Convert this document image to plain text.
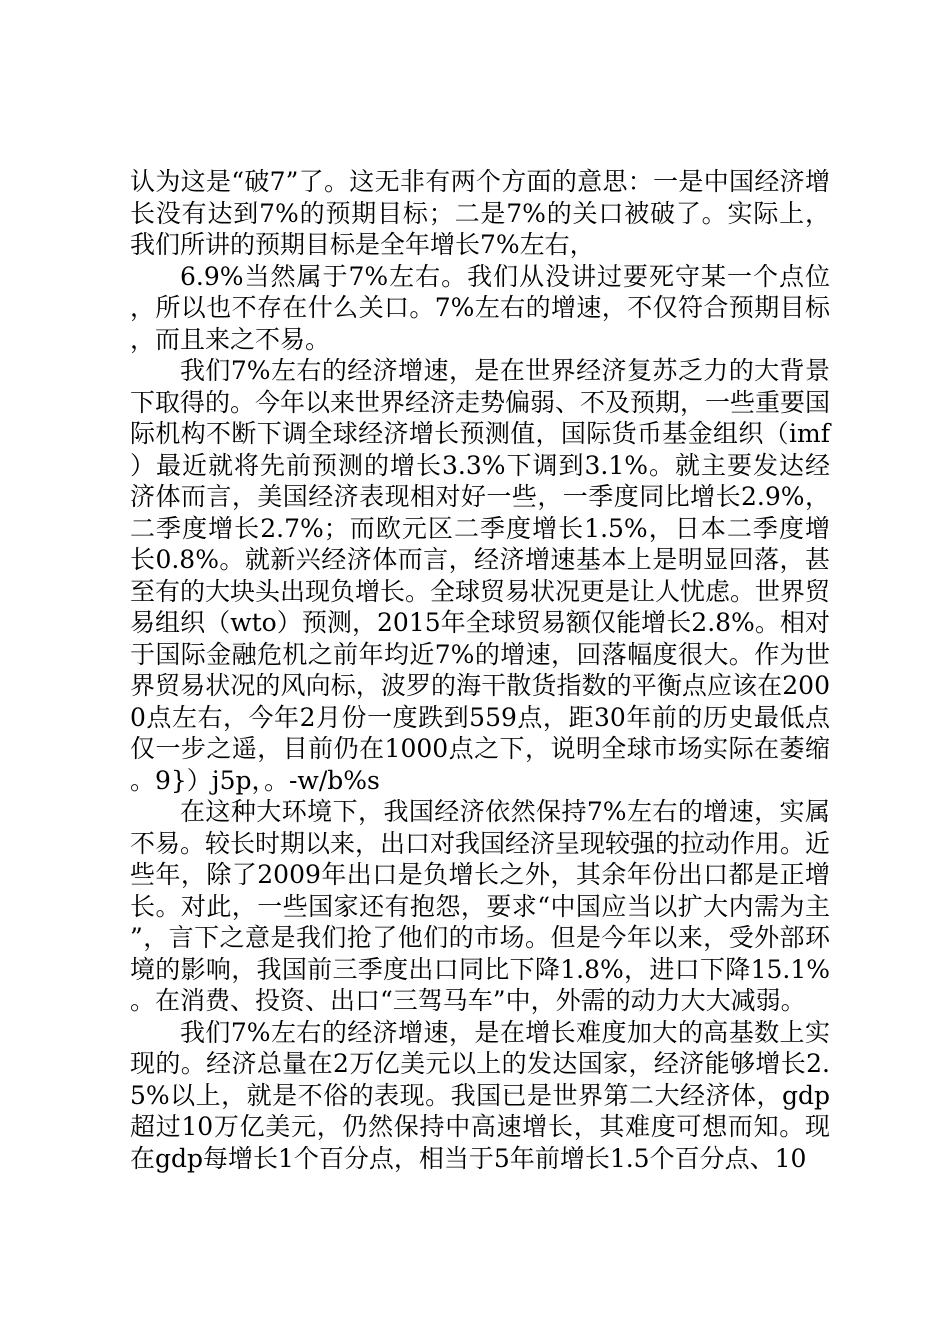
认为这是“破7”了。这无非有两个方面的意思：一是中国经济增长没有达到7%的预期目标；二是7%的关口被破了。实际上，我们所讲的预期目标是全年增长7%左右，

6.9%当然属于7%左右。我们从没讲过要死守某一个点位，所以也不存在什么关口。7%左右的增速，不仅符合预期目标，而且来之不易。

我们7%左右的经济增速，是在世界经济复苏乏力的大背景下取得的。今年以来世界经济走势偏弱、不及预期，一些重要国际机构不断下调全球经济增长预测值，国际货币基金组织（imf）最近就将先前预测的增长3.3%下调到3.1%。就主要发达经济体而言，美国经济表现相对好一些，一季度同比增长2.9%，二季度增长2.7%；而欧元区二季度增长1.5%，日本二季度增长0.8%。就新兴经济体而言，经济增速基本上是明显回落，甚至有的大块头出现负增长。全球贸易状况更是让人忧虑。世界贸易组织（wto）预测，2015年全球贸易额仅能增长2.8%。相对于国际金融危机之前年均近7%的增速，回落幅度很大。作为世界贸易状况的风向标，波罗的海干散货指数的平衡点应该在2000点左右，今年2月份一度跌到559点，距30年前的历史最低点仅一步之遥，目前仍在1000点之下，说明全球市场实际在萎缩。9}）j5p，。-w/b%s

在这种大环境下，我国经济依然保持7%左右的增速，实属不易。较长时期以来，出口对我国经济呈现较强的拉动作用。近些年，除了2009年出口是负增长之外，其余年份出口都是正增长。对此，一些国家还有抱怨，要求“中国应当以扩大内需为主”，言下之意是我们抢了他们的市场。但是今年以来，受外部环境的影响，我国前三季度出口同比下降1.8%，进口下降15.1%。在消费、投资、出口“三驾马车”中，外需的动力大大减弱。

我们7%左右的经济增速，是在增长难度加大的高基数上实现的。经济总量在2万亿美元以上的发达国家，经济能够增长2.5%以上，就是不俗的表现。我国已是世界第二大经济体，gdp超过10万亿美元，仍然保持中高速增长，其难度可想而知。现在gdp每增长1个百分点，相当于5年前增长1.5个百分点、10
